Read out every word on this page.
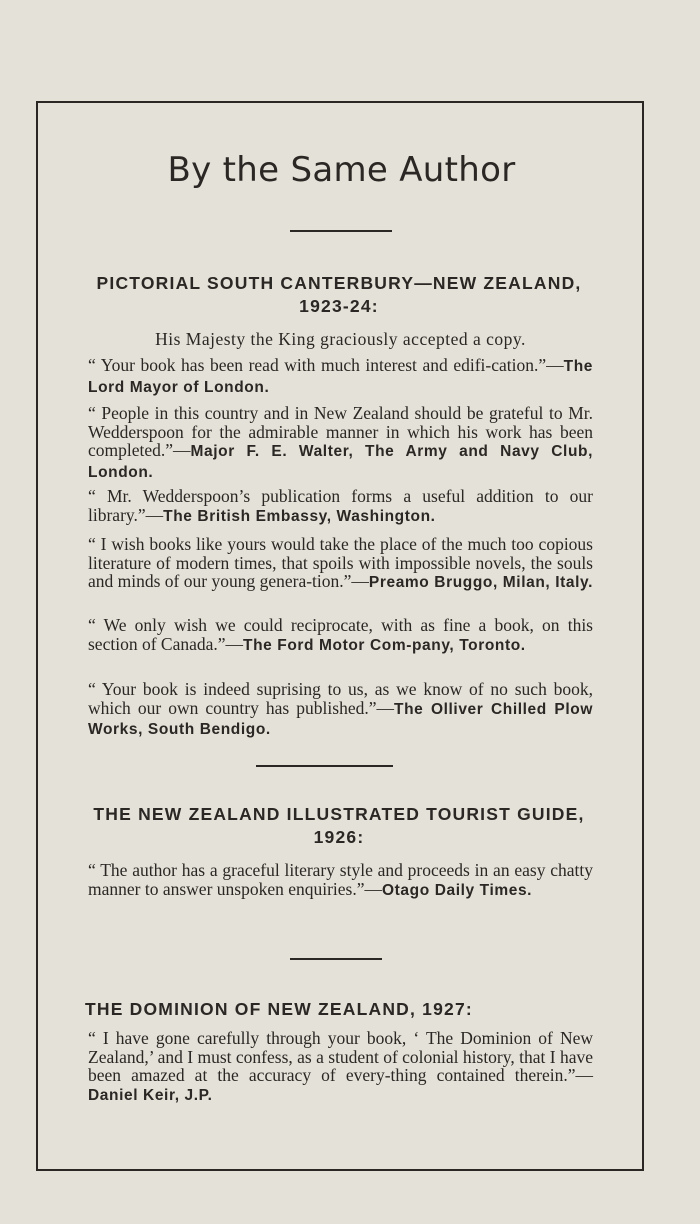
By the Same Author
PICTORIAL SOUTH CANTERBURY—NEW ZEALAND, 1923-24:

His Majesty the King graciously accepted a copy.

“ Your book has been read with much interest and edifi-cation.”—The Lord Mayor of London.

“ People in this country and in New Zealand should be grateful to Mr. Wedderspoon for the admirable manner in which his work has been completed.”—Major F. E. Walter, The Army and Navy Club, London.

“ Mr. Wedderspoon’s publication forms a useful addition to our library.”—The British Embassy, Washington.

“ I wish books like yours would take the place of the much too copious literature of modern times, that spoils with impossible novels, the souls and minds of our young genera-tion.”—Preamo Bruggo, Milan, Italy.

“ We only wish we could reciprocate, with as fine a book, on this section of Canada.”—The Ford Motor Com-pany, Toronto.

“ Your book is indeed suprising to us, as we know of no such book, which our own country has published.”—The Olliver Chilled Plow Works, South Bendigo.

THE NEW ZEALAND ILLUSTRATED TOURIST GUIDE, 1926:

“ The author has a graceful literary style and proceeds in an easy chatty manner to answer unspoken enquiries.”—Otago Daily Times.

THE DOMINION OF NEW ZEALAND, 1927:

“ I have gone carefully through your book, ‘ The Dominion of New Zealand,’ and I must confess, as a student of colonial history, that I have been amazed at the accuracy of every-thing contained therein.”—Daniel Keir, J.P.
